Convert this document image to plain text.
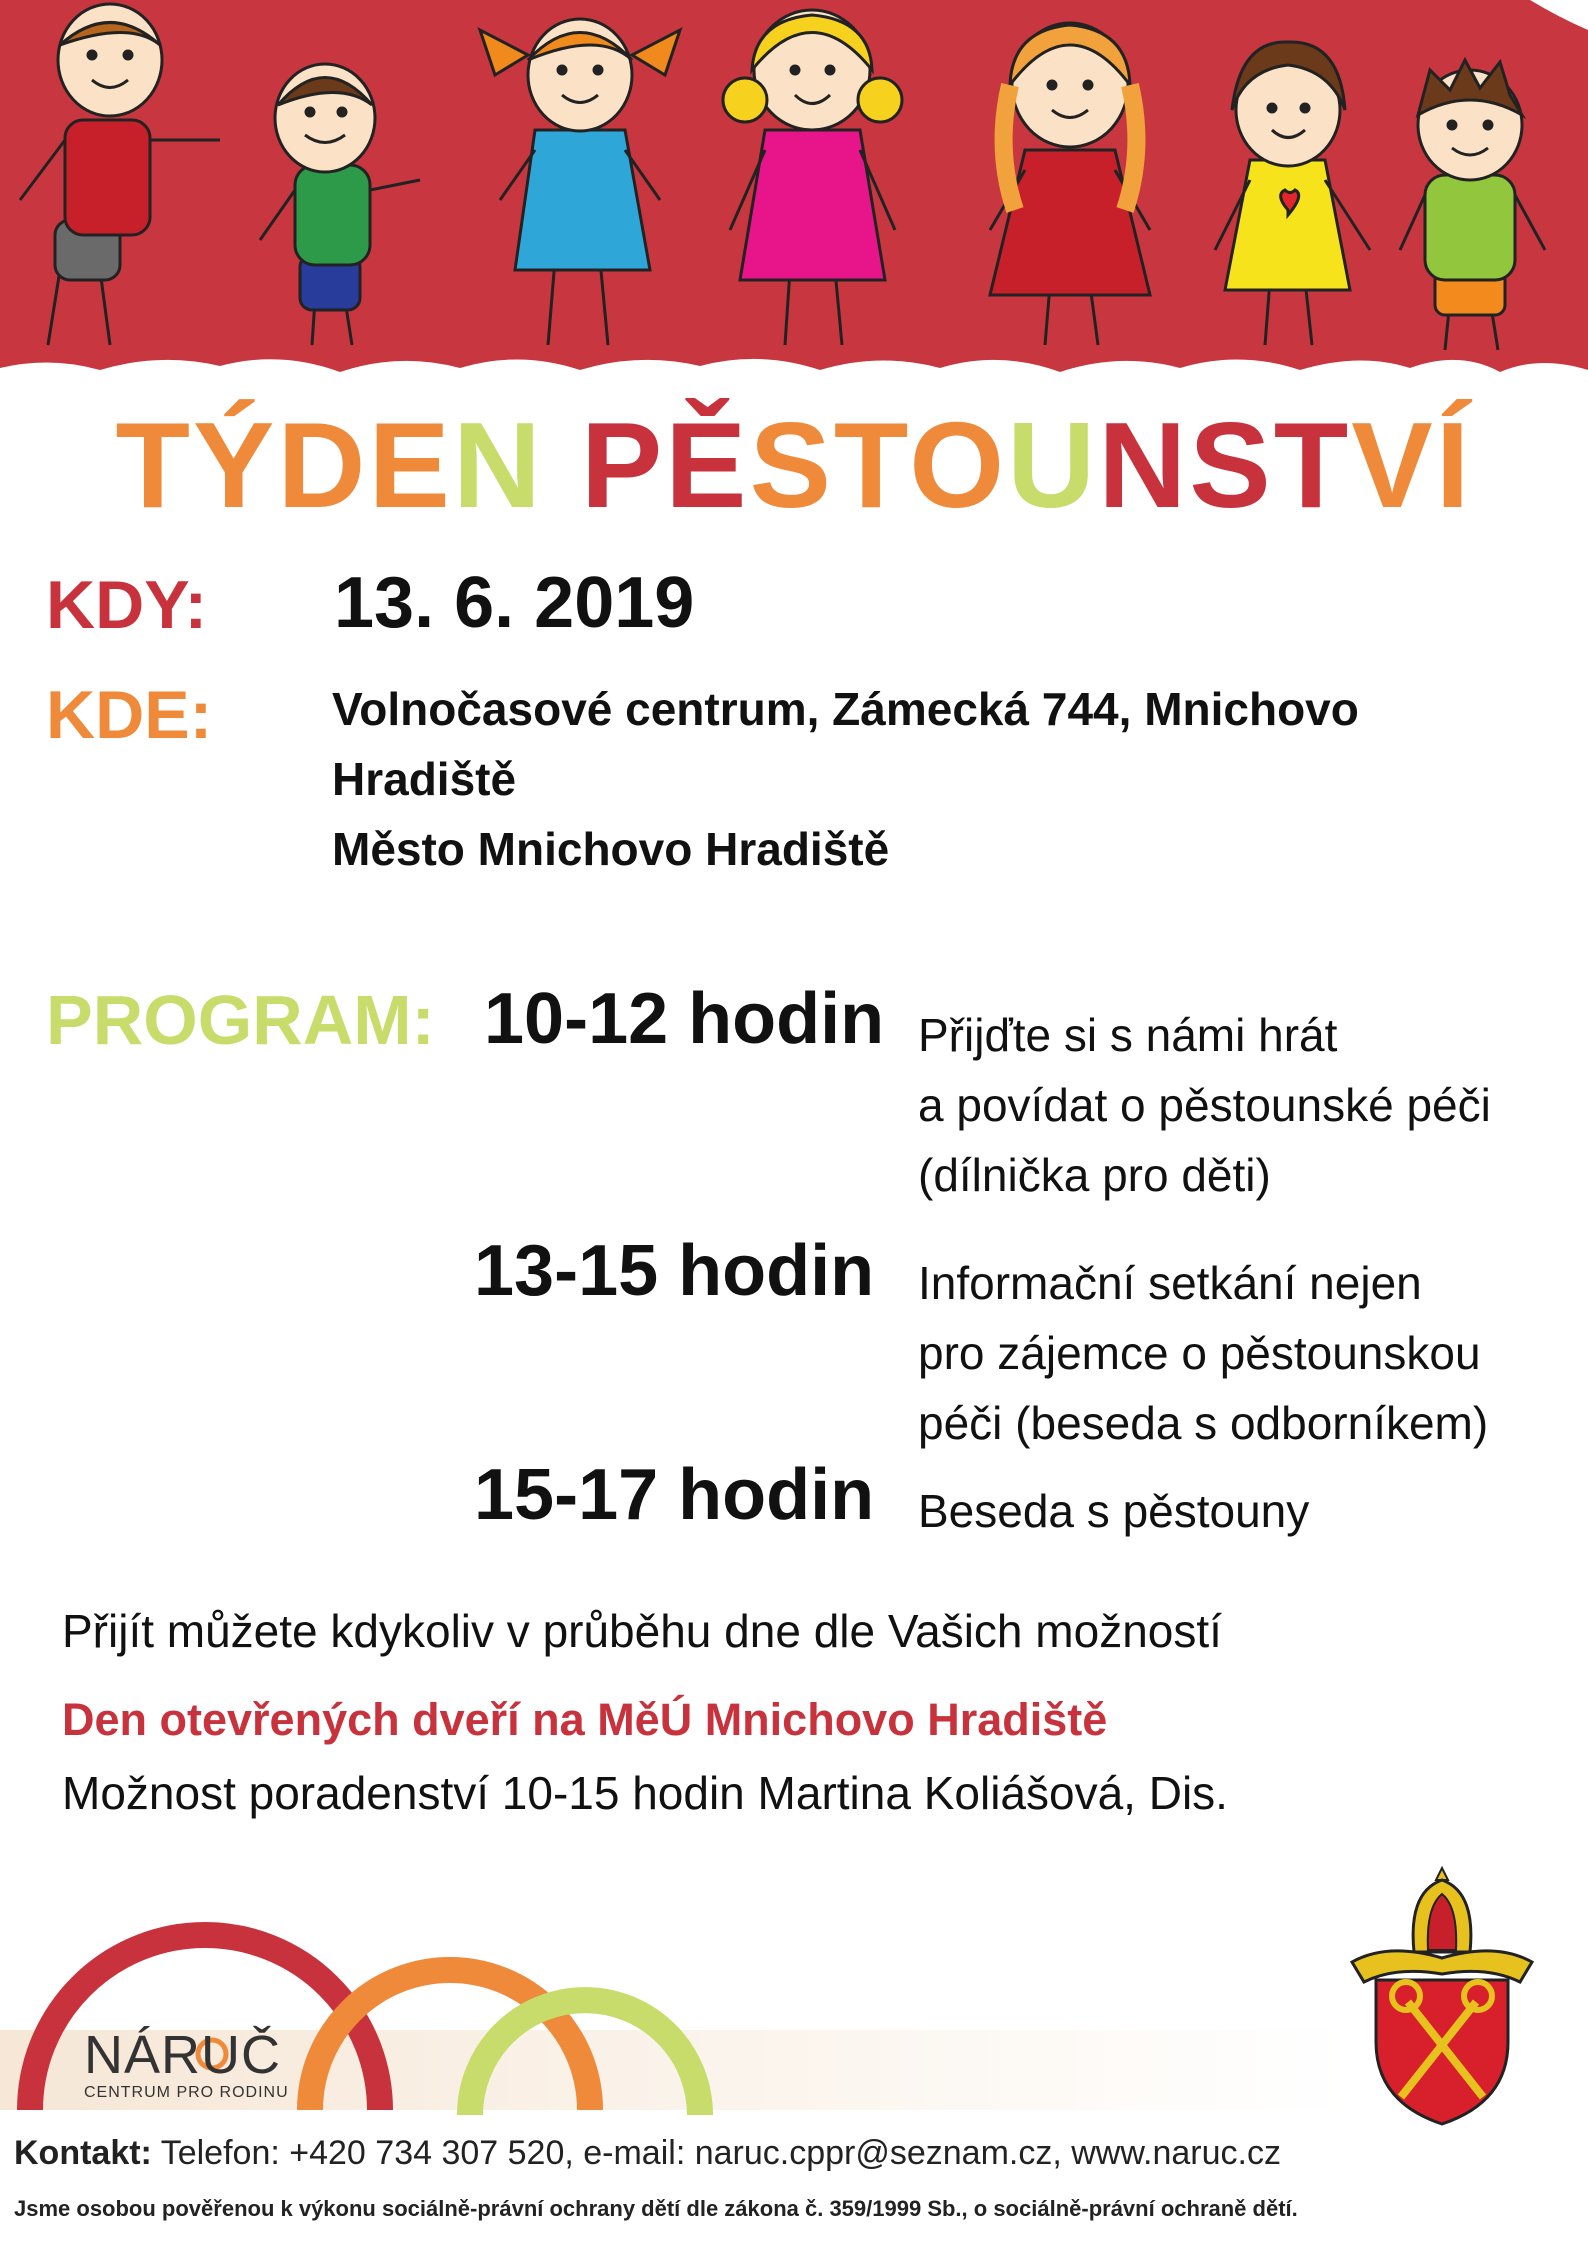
TÝDEN PĚSTOUNSTVÍ
KDY: 13. 6. 2019
KDE:	Volnočasové centrum, Zámecká 744, Mnichovo
Hradiště
Město Mnichovo Hradiště
PROGRAM: 10-12 hodin Přijďte si s námi hrát
a povídat o pěstounské péči
(dílnička pro děti)
13-15 hodin Informační setkání nejen
pro zájemce o pěstounskou
péči (beseda s odborníkem)
15-17 hodin Beseda s pěstouny
Přijít můžete kdykoliv v průběhu dne dle Vašich možností
Den otevřených dveří na MěÚ Mnichovo Hradiště
Možnost poradenství 10-15 hodin Martina Koliášová, Dis.
NÁRUČ
CENTRUM PRO RODINU
Kontakt: Telefon: +420 734 307 520, e-mail: naruc.cppr@seznam.cz, www.naruc.cz
Jsme osobou pověřenou k výkonu sociálně-právní ochrany dětí dle zákona č. 359/1999 Sb., o sociálně-právní ochraně dětí.
